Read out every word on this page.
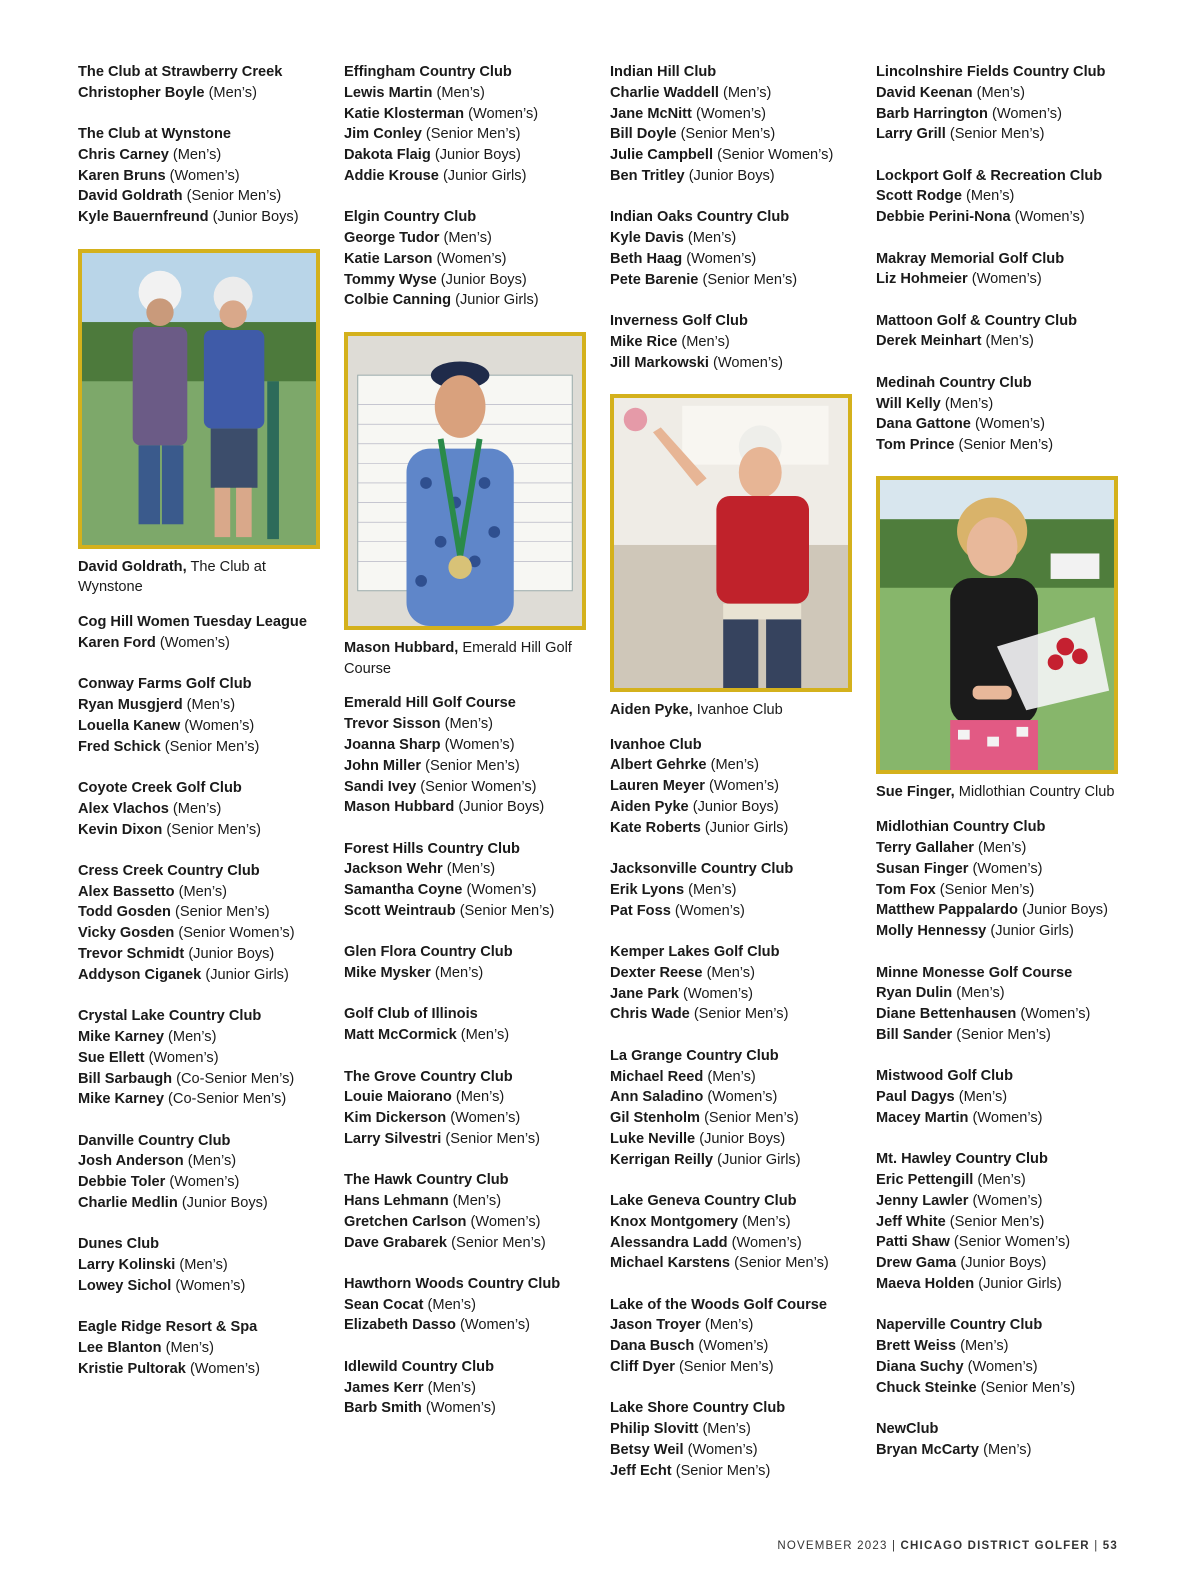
The Club at Strawberry Creek
Christopher Boyle (Men’s)
The Club at Wynstone
Chris Carney (Men’s)
Karen Bruns (Women’s)
David Goldrath (Senior Men’s)
Kyle Bauernfreund (Junior Boys)
David Goldrath, The Club at Wynstone
Cog Hill Women Tuesday League
Karen Ford (Women’s)
Conway Farms Golf Club
Ryan Musgjerd (Men’s)
Louella Kanew (Women’s)
Fred Schick (Senior Men’s)
Coyote Creek Golf Club
Alex Vlachos (Men’s)
Kevin Dixon (Senior Men’s)
Cress Creek Country Club
Alex Bassetto (Men’s)
Todd Gosden (Senior Men’s)
Vicky Gosden (Senior Women’s)
Trevor Schmidt (Junior Boys)
Addyson Ciganek (Junior Girls)
Crystal Lake Country Club
Mike Karney (Men’s)
Sue Ellett (Women’s)
Bill Sarbaugh (Co-Senior Men’s)
Mike Karney (Co-Senior Men’s)
Danville Country Club
Josh Anderson (Men’s)
Debbie Toler (Women’s)
Charlie Medlin (Junior Boys)
Dunes Club
Larry Kolinski (Men’s)
Lowey Sichol (Women’s)
Eagle Ridge Resort & Spa
Lee Blanton (Men’s)
Kristie Pultorak (Women’s)
Effingham Country Club
Lewis Martin (Men’s)
Katie Klosterman (Women’s)
Jim Conley (Senior Men’s)
Dakota Flaig (Junior Boys)
Addie Krouse (Junior Girls)
Elgin Country Club
George Tudor (Men’s)
Katie Larson (Women’s)
Tommy Wyse (Junior Boys)
Colbie Canning (Junior Girls)
Mason Hubbard, Emerald Hill Golf Course
Emerald Hill Golf Course
Trevor Sisson (Men’s)
Joanna Sharp (Women’s)
John Miller (Senior Men’s)
Sandi Ivey (Senior Women’s)
Mason Hubbard (Junior Boys)
Forest Hills Country Club
Jackson Wehr (Men’s)
Samantha Coyne (Women’s)
Scott Weintraub (Senior Men’s)
Glen Flora Country Club
Mike Mysker (Men’s)
Golf Club of Illinois
Matt McCormick (Men’s)
The Grove Country Club
Louie Maiorano (Men’s)
Kim Dickerson (Women’s)
Larry Silvestri (Senior Men’s)
The Hawk Country Club
Hans Lehmann (Men’s)
Gretchen Carlson (Women’s)
Dave Grabarek (Senior Men’s)
Hawthorn Woods Country Club
Sean Cocat (Men’s)
Elizabeth Dasso (Women’s)
Idlewild Country Club
James Kerr (Men’s)
Barb Smith (Women’s)
Indian Hill Club
Charlie Waddell (Men’s)
Jane McNitt (Women’s)
Bill Doyle (Senior Men’s)
Julie Campbell (Senior Women’s)
Ben Tritley (Junior Boys)
Indian Oaks Country Club
Kyle Davis (Men’s)
Beth Haag (Women’s)
Pete Barenie (Senior Men’s)
Inverness Golf Club
Mike Rice (Men’s)
Jill Markowski (Women’s)
Aiden Pyke, Ivanhoe Club
Ivanhoe Club
Albert Gehrke (Men’s)
Lauren Meyer (Women’s)
Aiden Pyke (Junior Boys)
Kate Roberts (Junior Girls)
Jacksonville Country Club
Erik Lyons (Men’s)
Pat Foss (Women’s)
Kemper Lakes Golf Club
Dexter Reese (Men’s)
Jane Park (Women’s)
Chris Wade (Senior Men’s)
La Grange Country Club
Michael Reed (Men’s)
Ann Saladino (Women’s)
Gil Stenholm (Senior Men’s)
Luke Neville (Junior Boys)
Kerrigan Reilly (Junior Girls)
Lake Geneva Country Club
Knox Montgomery (Men’s)
Alessandra Ladd (Women’s)
Michael Karstens (Senior Men’s)
Lake of the Woods Golf Course
Jason Troyer (Men’s)
Dana Busch (Women’s)
Cliff Dyer (Senior Men’s)
Lake Shore Country Club
Philip Slovitt (Men’s)
Betsy Weil (Women’s)
Jeff Echt (Senior Men’s)
Lincolnshire Fields Country Club
David Keenan (Men’s)
Barb Harrington (Women’s)
Larry Grill (Senior Men’s)
Lockport Golf & Recreation Club
Scott Rodge (Men’s)
Debbie Perini-Nona (Women’s)
Makray Memorial Golf Club
Liz Hohmeier (Women’s)
Mattoon Golf & Country Club
Derek Meinhart (Men’s)
Medinah Country Club
Will Kelly (Men’s)
Dana Gattone (Women’s)
Tom Prince (Senior Men’s)
Sue Finger, Midlothian Country Club
Midlothian Country Club
Terry Gallaher (Men’s)
Susan Finger (Women’s)
Tom Fox (Senior Men’s)
Matthew Pappalardo (Junior Boys)
Molly Hennessy (Junior Girls)
Minne Monesse Golf Course
Ryan Dulin (Men’s)
Diane Bettenhausen (Women’s)
Bill Sander (Senior Men’s)
Mistwood Golf Club
Paul Dagys (Men’s)
Macey Martin (Women’s)
Mt. Hawley Country Club
Eric Pettengill (Men’s)
Jenny Lawler (Women’s)
Jeff White (Senior Men’s)
Patti Shaw (Senior Women’s)
Drew Gama (Junior Boys)
Maeva Holden (Junior Girls)
Naperville Country Club
Brett Weiss (Men’s)
Diana Suchy (Women’s)
Chuck Steinke (Senior Men’s)
NewClub
Bryan McCarty (Men’s)
NOVEMBER 2023 | CHICAGO DISTRICT GOLFER | 53
